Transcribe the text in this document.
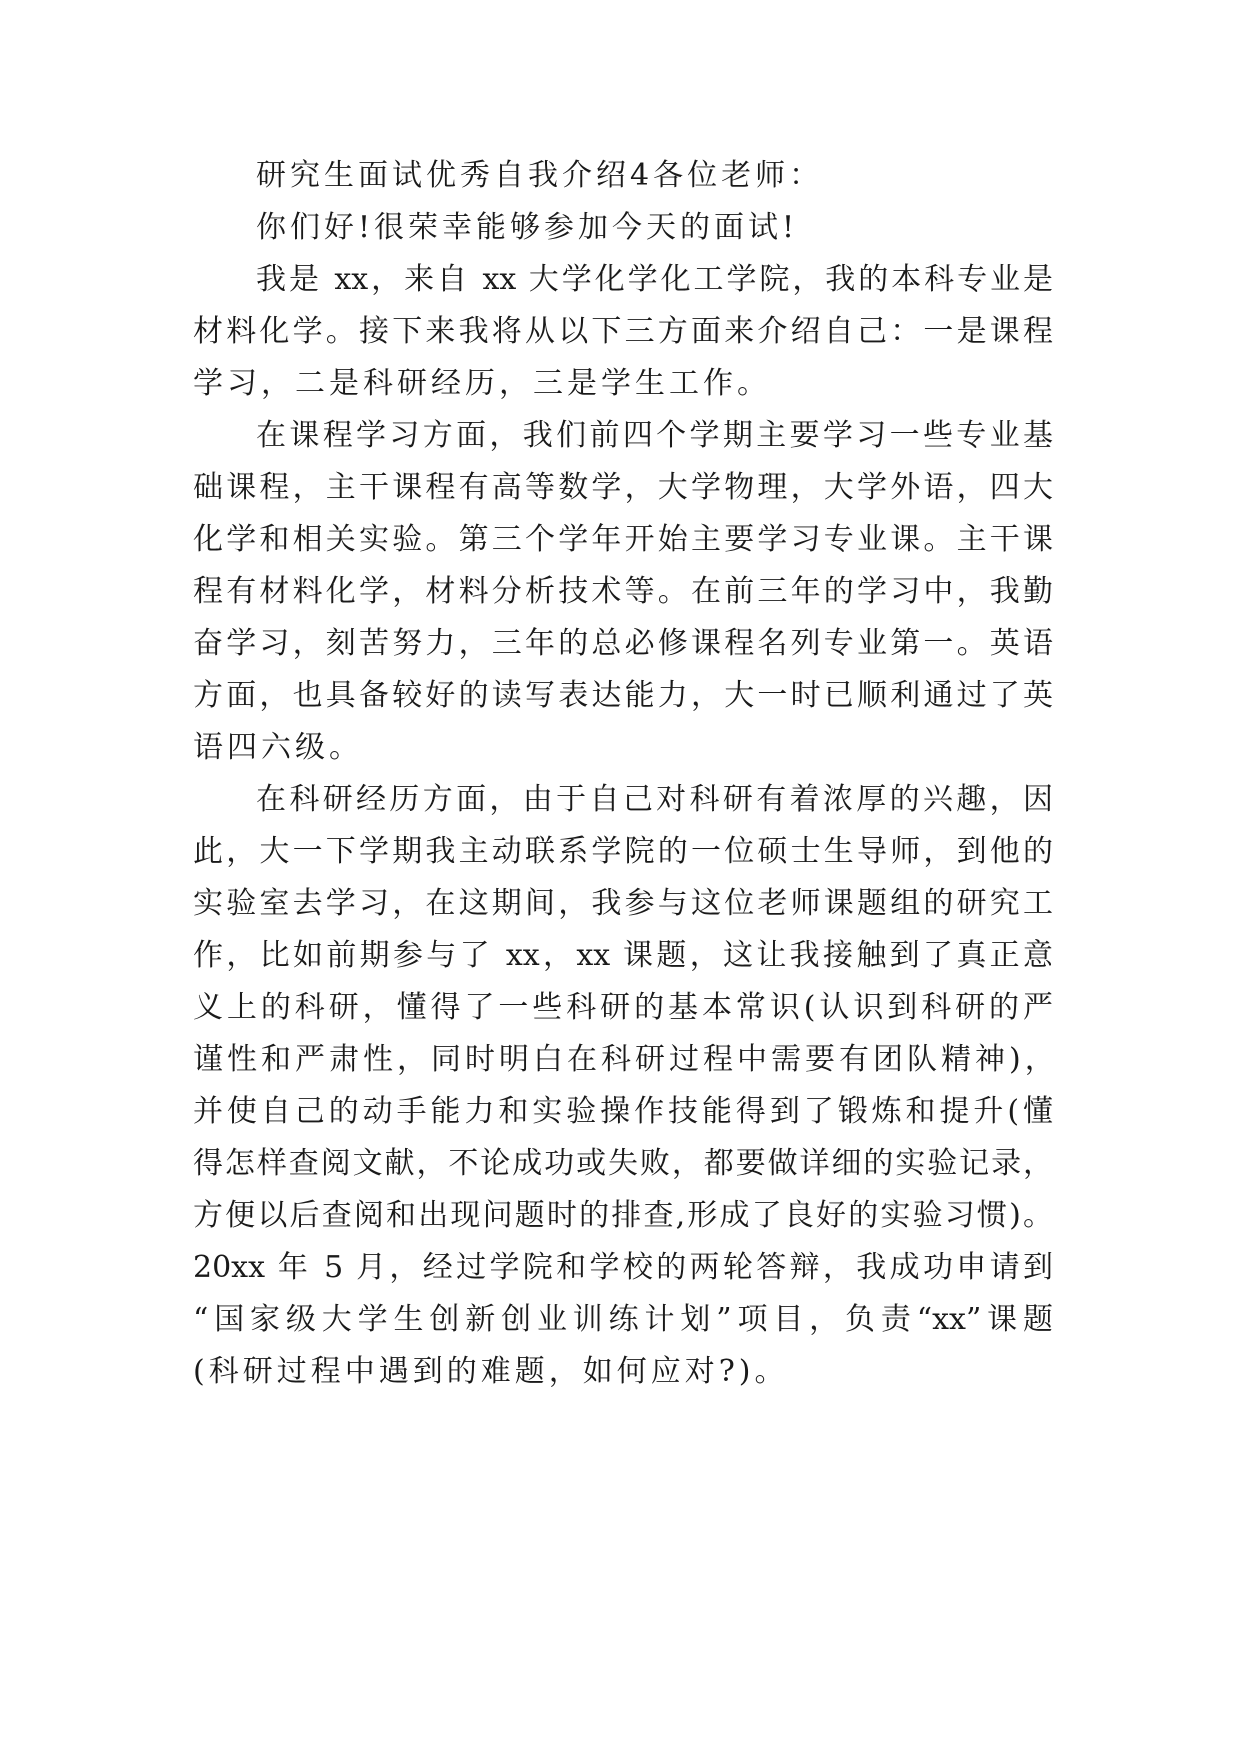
研究生面试优秀自我介绍4各位老师：
你们好!很荣幸能够参加今天的面试!
我是 xx，来自 xx 大学化学化工学院，我的本科专业是
材料化学。接下来我将从以下三方面来介绍自己：一是课程
学习，二是科研经历，三是学生工作。
在课程学习方面，我们前四个学期主要学习一些专业基
础课程，主干课程有高等数学，大学物理，大学外语，四大
化学和相关实验。第三个学年开始主要学习专业课。主干课
程有材料化学，材料分析技术等。在前三年的学习中，我勤
奋学习，刻苦努力，三年的总必修课程名列专业第一。英语
方面，也具备较好的读写表达能力，大一时已顺利通过了英
语四六级。
在科研经历方面，由于自己对科研有着浓厚的兴趣，因
此，大一下学期我主动联系学院的一位硕士生导师，到他的
实验室去学习，在这期间，我参与这位老师课题组的研究工
作，比如前期参与了 xx，xx 课题，这让我接触到了真正意
义上的科研，懂得了一些科研的基本常识(认识到科研的严
谨性和严肃性，同时明白在科研过程中需要有团队精神)，
并使自己的动手能力和实验操作技能得到了锻炼和提升(懂
得怎样查阅文献，不论成功或失败，都要做详细的实验记录，
方便以后查阅和出现问题时的排查,形成了良好的实验习惯)。
20xx 年 5 月，经过学院和学校的两轮答辩，我成功申请到
“国家级大学生创新创业训练计划”项目，负责“xx”课题
(科研过程中遇到的难题，如何应对?)。
